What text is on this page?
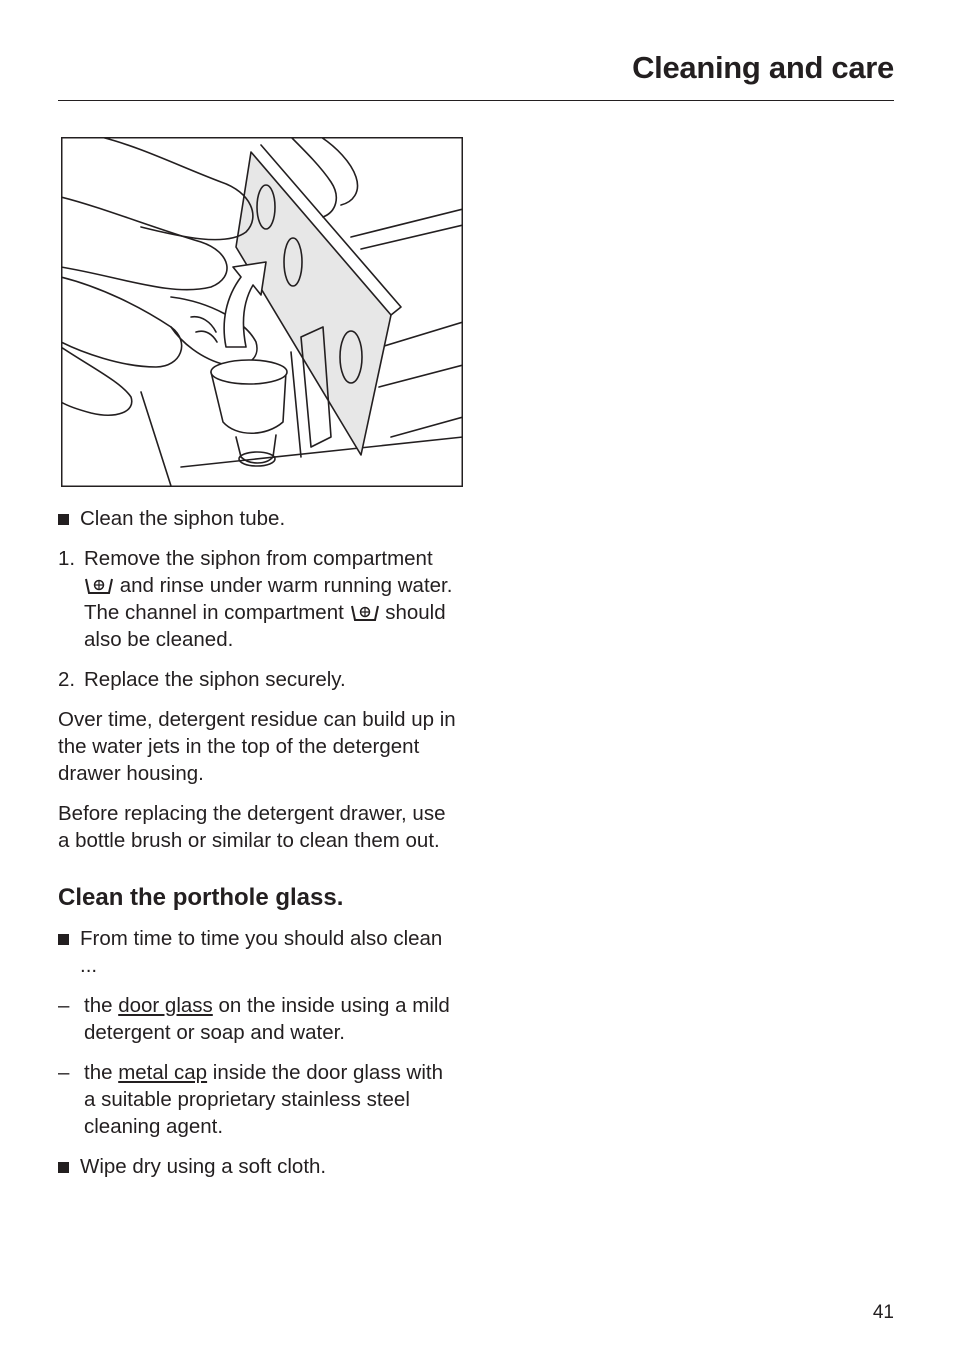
Cleaning and care
Clean the siphon tube.
1. Remove the siphon from compartment  and rinse under warm running water. The channel in compartment should also be cleaned.
2. Replace the siphon securely.

Over time, detergent residue can build up in the water jets in the top of the detergent drawer housing.

Before replacing the detergent drawer, use a bottle brush or similar to clean them out.

Clean the porthole glass.
From time to time you should also clean ...
– the door glass on the inside using a mild detergent or soap and water.
– the metal cap inside the door glass with a suitable proprietary stainless steel cleaning agent.
Wipe dry using a soft cloth.
41
